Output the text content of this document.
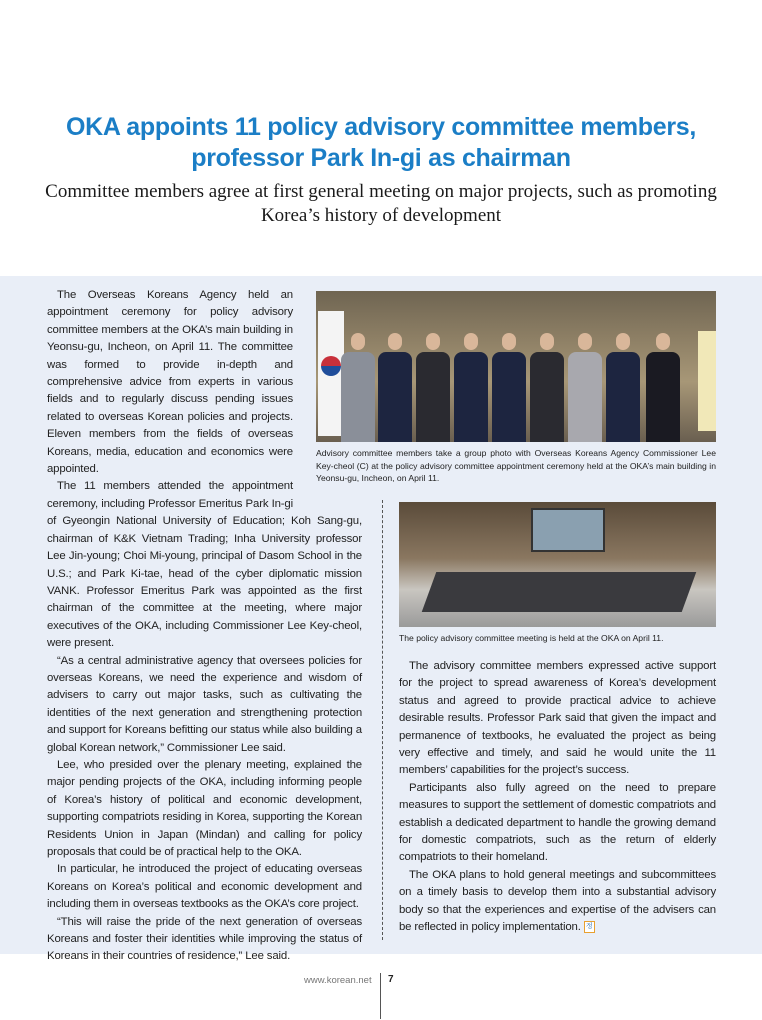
OKA appoints 11 policy advisory committee members, professor Park In-gi as chairman
Committee members agree at first general meeting on major projects, such as promoting Korea’s history of development

The Overseas Koreans Agency held an appointment ceremony for policy advisory committee members at the OKA’s main building in Yeonsu-gu, Incheon, on April 11. The committee was formed to provide in-depth and comprehensive advice from experts in various fields and to regularly discuss pending issues related to overseas Korean policies and projects. Eleven members from the fields of overseas Koreans, media, education and economics were appointed.

The 11 members attended the appointment ceremony, including Professor Emeritus Park In-gi of Gyeongin National University of Education; Koh Sang-gu, chairman of K&K Vietnam Trading; Inha University professor Lee Jin-young; Choi Mi-young, principal of Dasom School in the U.S.; and Park Ki-tae, head of the cyber diplomatic mission VANK. Professor Emeritus Park was appointed as the first chairman of the committee at the meeting, where major executives of the OKA, including Commissioner Lee Key-cheol, were present.

“As a central administrative agency that oversees policies for overseas Koreans, we need the experience and wisdom of advisers to carry out major tasks, such as cultivating the identities of the next generation and strengthening protection and support for Koreans befitting our status while also building a global Korean network,” Commissioner Lee said.

Lee, who presided over the plenary meeting, explained the major pending projects of the OKA, including informing people of Korea’s history of political and economic development, supporting compatriots residing in Korea, supporting the Korean Residents Union in Japan (Mindan) and calling for policy proposals that could be of practical help to the OKA.

In particular, he introduced the project of educating overseas Koreans on Korea’s political and economic development and including them in overseas textbooks as the OKA’s core project.

“This will raise the pride of the next generation of overseas Koreans and foster their identities while improving the status of Koreans in their countries of residence,” Lee said.

Advisory committee members take a group photo with Overseas Koreans Agency Commissioner Lee Key-cheol (C) at the policy advisory committee appointment ceremony held at the OKA’s main building in Yeonsu-gu, Incheon, on April 11.
The policy advisory committee meeting is held at the OKA on April 11.

The advisory committee members expressed active support for the project to spread awareness of Korea’s development status and agreed to provide practical advice to achieve desirable results. Professor Park said that given the impact and permanence of textbooks, he evaluated the project as being very effective and timely, and said he would unite the 11 members’ capabilities for the project’s success.

Participants also fully agreed on the need to prepare measures to support the settlement of domestic compatriots and establish a dedicated department to handle the growing demand for domestic compatriots, such as the return of elderly compatriots to their homeland.

The OKA plans to hold general meetings and subcommittees on a timely basis to develop them into a substantial advisory body so that the experiences and expertise of the advisers can be reflected in policy implementation. 정

www.korean.net 7
